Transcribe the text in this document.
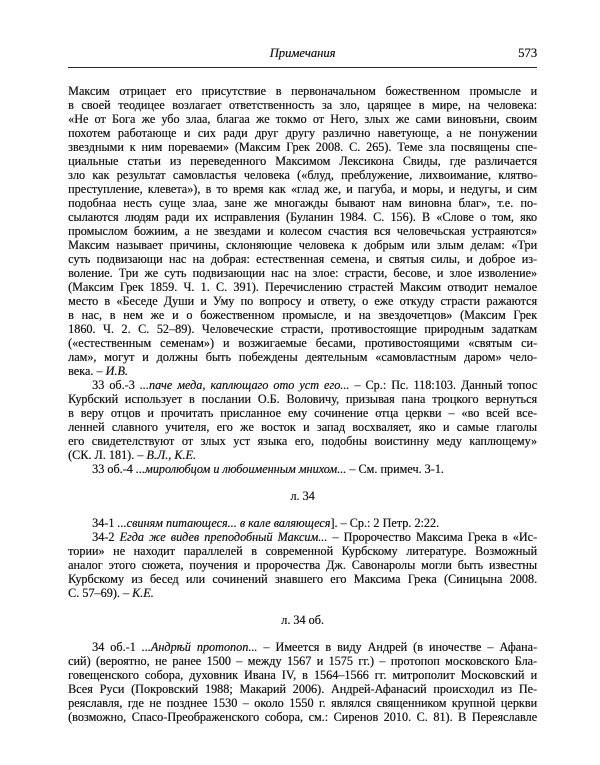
Примечания	573
Максим отрицает его присутствие в первоначальном божественном промысле и
в своей теодицее возлагает ответственность за зло, царящее в мире, на человека:
«Не от Бога же убо злаа, благаа же токмо от Него, злых же сами виновъни, своим
похотем работающе и сих ради друг другу различно наветующе, а не понужении
звездными к ним пореваеми» (Максим Грек 2008. С. 265). Теме зла посвящены спе-
циальные статьи из переведенного Максимом Лексикона Свиды, где различается
зло как результат самовластья человека («блуд, преблужение, лихвоимание, клятво-
преступление, клевета»), в то время как «глад же, и пагуба, и моры, и недугы, и сим
подобнаа несть суще злаа, зане же многажды бывают нам виновна благ», т.е. по-
сылаются людям ради их исправления (Буланин 1984. С. 156). В «Слове о том, яко
промыслом божиим, а не звездами и колесом счастия вся человечьская устраяются»
Максим называет причины, склоняющие человека к добрым или злым делам: «Три
суть подвизающи нас на добрая: естественная семена, и святыя силы, и доброе из-
воление. Три же суть подвизающии нас на злое: страсти, бесове, и злое изволение»
(Максим Грек 1859. Ч. 1. С. 391). Перечислению страстей Максим отводит немалое
место в «Беседе Души и Уму по вопросу и ответу, о еже откуду страсти ражаются
в нас, в нем же и о божественном промысле, и на звездочетцов» (Максим Грек
1860. Ч. 2. С. 52–89). Человеческие страсти, противостоящие природным задаткам
(«естественным семенам») и возжигаемые бесами, противостоящими «святым си-
лам», могут и должны быть побеждены деятельным «самовластным даром» чело-
века. – И.В.
33 об.-3 ...паче меда, каплющаго ото уст его... – Ср.: Пс. 118:103. Данный топос
Курбский использует в послании О.Б. Воловичу, призывая пана троцкого вернуться
в веру отцов и прочитать присланное ему сочинение отца церкви – «во всей все-
ленней славного учителя, его же восток и запад восхваляет, яко и самые глаголы
его свидетелствуют от злых уст языка его, подобны воистинну меду каплющему»
(СК. Л. 181). – В.Л., К.Е.
33 об.-4 ...миролюбцом и любоименным мнихом... – См. примеч. 3-1.
л. 34
34-1 ...свиням питающеся... в кале валяющеся]. – Ср.: 2 Петр. 2:22.
34-2 Егда же видев преподобный Максим... – Пророчество Максима Грека в «Ис-
тории» не находит параллелей в современной Курбскому литературе. Возможный
аналог этого сюжета, поучения и пророчества Дж. Савонаролы могли быть известны
Курбскому из бесед или сочинений знавшего его Максима Грека (Синицына 2008.
С. 57–69). – К.Е.
л. 34 об.
34 об.-1 ...Андрѣй протопоп... – Имеется в виду Андрей (в иночестве – Афана-
сий) (вероятно, не ранее 1500 – между 1567 и 1575 гг.) – протопоп московского Бла-
говещенского собора, духовник Ивана IV, в 1564–1566 гг. митрополит Московский и
Всея Руси (Покровский 1988; Макарий 2006). Андрей-Афанасий происходил из Пе-
реяславля, где не позднее 1530 – около 1550 г. являлся священником крупной церкви
(возможно, Спасо-Преображенского собора, см.: Сиренов 2010. С. 81). В Переяславле
